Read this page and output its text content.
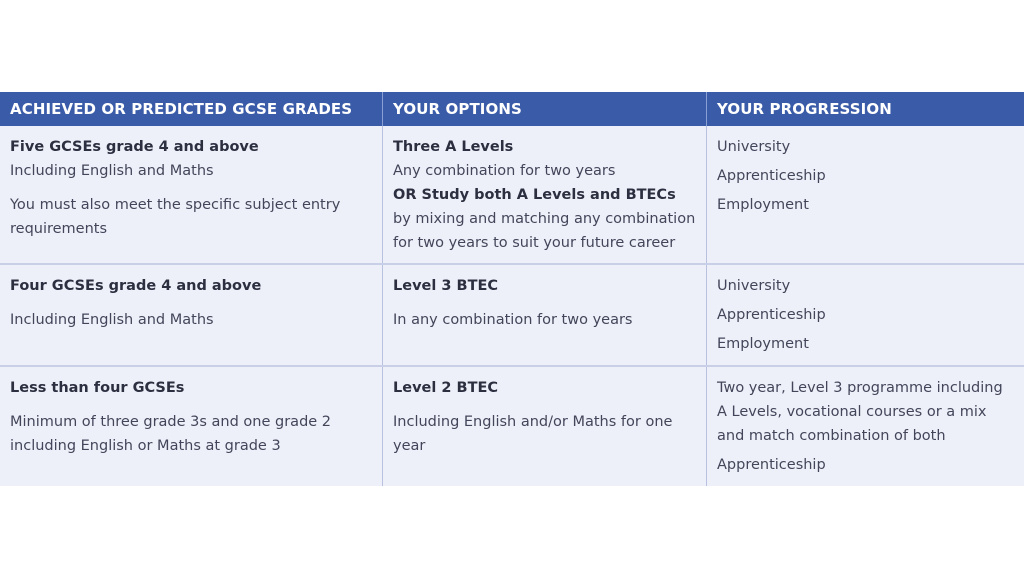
ACHIEVED OR PREDICTED GCSE GRADES	YOUR OPTIONS	YOUR PROGRESSION

Five GCSEs grade 4 and above

Including English and Maths

You must also meet the specific subject entry requirements

Three A Levels

Any combination for two years

OR Study both A Levels and BTECs by mixing and matching any combination for two years to suit your future career

University

Apprenticeship

Employment

Four GCSEs grade 4 and above

Including English and Maths

Level 3 BTEC

In any combination for two years

University

Apprenticeship

Employment

Less than four GCSEs

Minimum of three grade 3s and one grade 2 including English or Maths at grade 3

Level 2 BTEC

Including English and/or Maths for one year

Two year, Level 3 programme including A Levels, vocational courses or a mix and match combination of both

Apprenticeship
